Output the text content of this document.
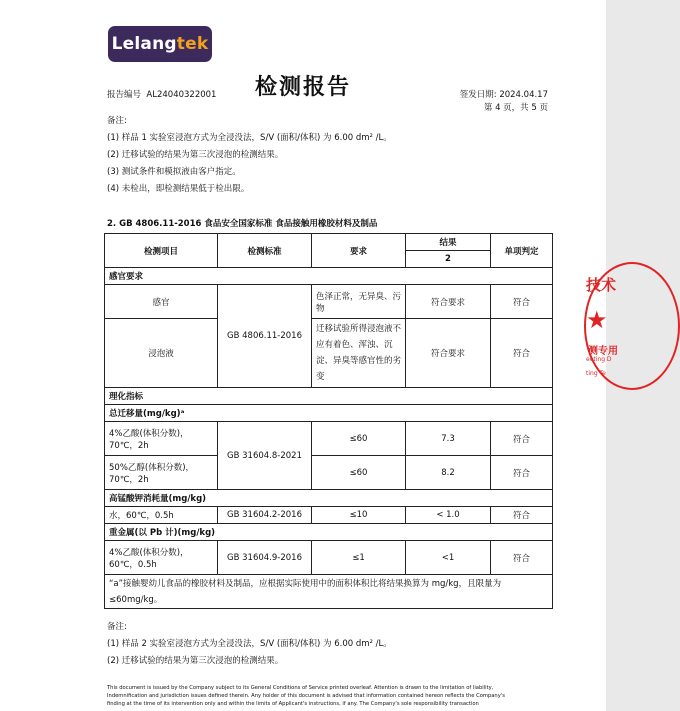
Lelang tek
检测报告
报告编号 AL24040322001	签发日期: 2024.04.17
第 4 页，共 5 页
备注:
(1) 样品 1 实验室浸泡方式为全浸没法，S/V (面积/体积) 为 6.00 dm² /L。
(2) 迁移试验的结果为第三次浸泡的检测结果。
(3) 测试条件和模拟液由客户指定。
(4) 未检出，即检测结果低于检出限。
2. GB 4806.11-2016 食品安全国家标准 食品接触用橡胶材料及制品
检测项目	检测标准	要求	结果	单项判定
			2	
感官要求				
感官	GB 4806.11-2016	色泽正常，无异臭、污物	符合要求	符合
浸泡液		迁移试验所得浸泡液不应有着色、浑浊、沉淀、异臭等感官性的劣变	符合要求	符合
理化指标				
总迁移量(mg/kg)ᵃ				
4%乙酸(体积分数)，70℃，2h	GB 31604.8-2021	≤60	7.3	符合
50%乙醇(体积分数)，70℃，2h		≤60	8.2	符合
高锰酸钾消耗量(mg/kg)				
水，60℃，0.5h	GB 31604.2-2016	≤10	< 1.0	符合
重金属(以 Pb 计)(mg/kg)				
4%乙酸(体积分数)，60℃，0.5h	GB 31604.9-2016	≤1	<1	符合
“a”接触婴幼儿食品的橡胶材料及制品，应根据实际使用中的面积体积比将结果换算为 mg/kg，且限量为≤60mg/kg。				
备注:
(1) 样品 2 实验室浸泡方式为全浸没法，S/V (面积/体积) 为 6.00 dm² /L。
(2) 迁移试验的结果为第三次浸泡的检测结果。
This document is issued by the Company subject to its General Conditions of Service printed overleaf. Attention is drawn to the limitation of liability,
Indemnification and jurisdiction issues defined therein. Any holder of this document is advised that information contained hereon reflects the Company's
finding at the time of its intervention only and within the limits of Applicant's instructions, if any. The Company's sole responsibility transaction
技术
★
测专用
eeting D
ting Te
